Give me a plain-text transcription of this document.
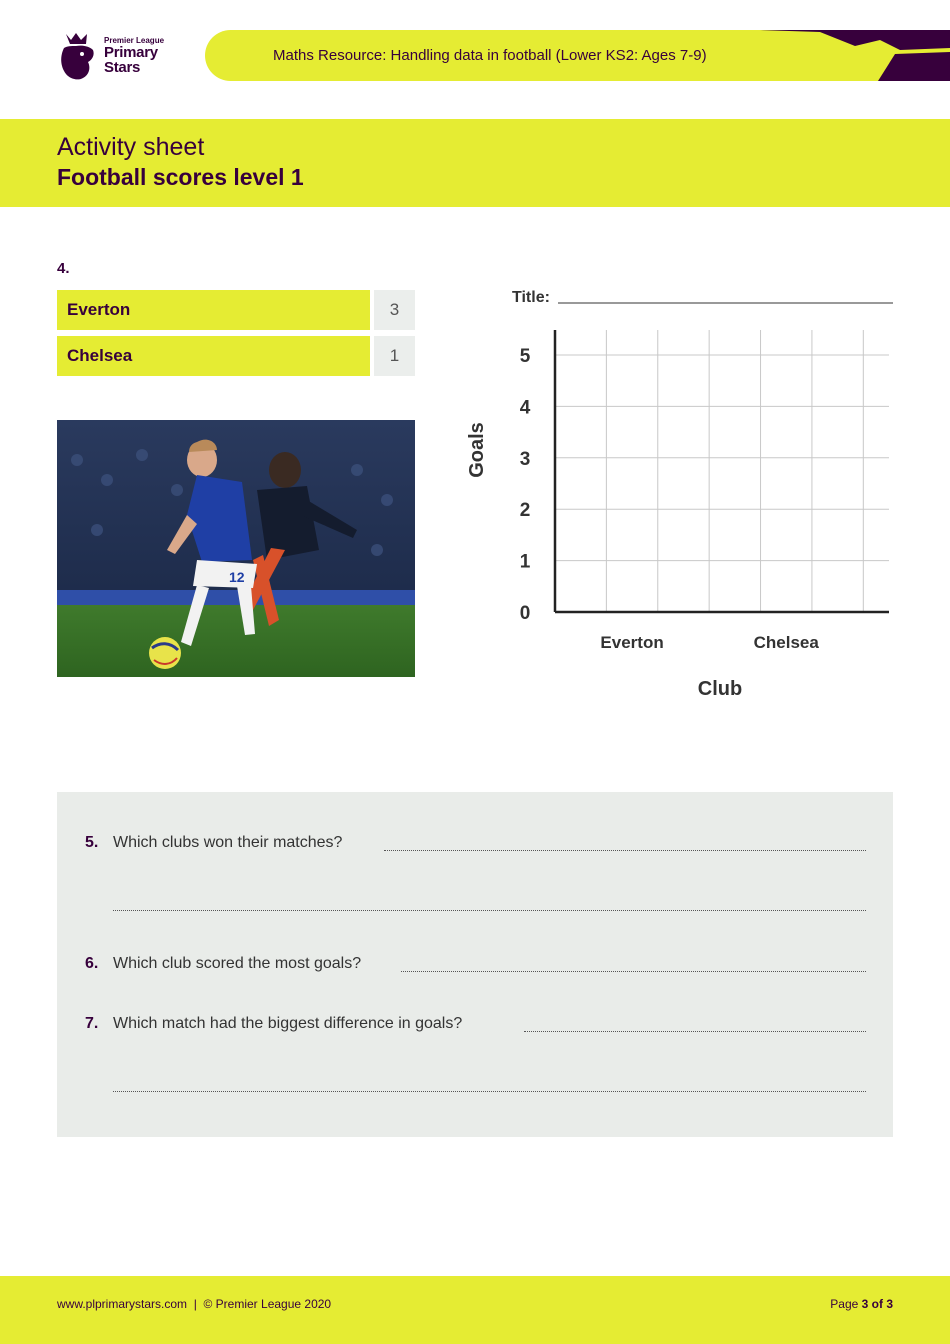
Premier League
Primary
Stars
Maths Resource: Handling data in football (Lower KS2: Ages 7-9)
Activity sheet
Football scores level 1
4.
Everton	3
Chelsea	1
12
Title:
0
1
2
3
4
5
Everton	Chelsea
Goals
Club
5. Which clubs won their matches?
6. Which club scored the most goals?
7. Which match had the biggest difference in goals?
www.plprimarystars.com | © Premier League 2020	Page 3 of 3
